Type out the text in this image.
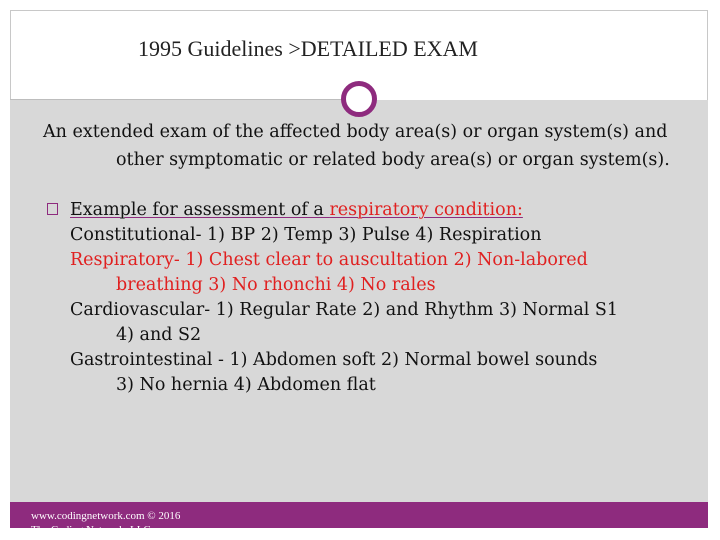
1995 Guidelines >DETAILED EXAM

An extended exam of the affected body area(s) or organ system(s) and
other symptomatic or related body area(s) or organ system(s).

Example for assessment of a respiratory condition:
Constitutional- 1) BP 2) Temp 3) Pulse 4) Respiration
Respiratory- 1) Chest clear to auscultation 2) Non-labored
breathing 3) No rhonchi 4) No rales
Cardiovascular- 1) Regular Rate 2) and Rhythm 3) Normal S1
4) and S2
Gastrointestinal - 1) Abdomen soft 2) Normal bowel sounds
3) No hernia 4) Abdomen flat
www.codingnetwork.com © 2016
The Coding Network, LLC
